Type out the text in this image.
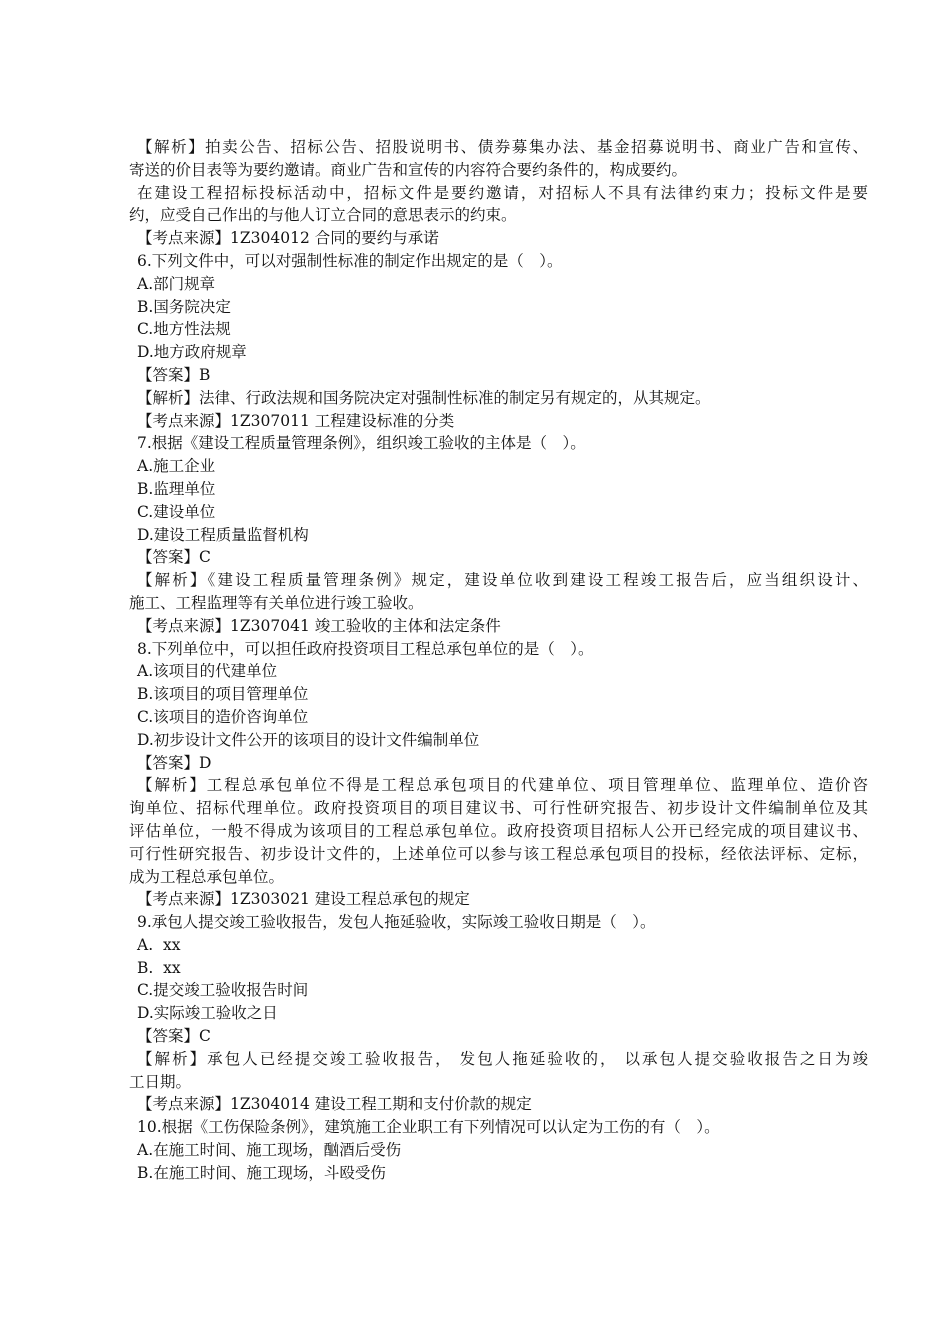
【解析】拍卖公告、招标公告、招股说明书、债券募集办法、基金招募说明书、商业广告和宣传、
寄送的价目表等为要约邀请。商业广告和宣传的内容符合要约条件的，构成要约。
在建设工程招标投标活动中，招标文件是要约邀请，对招标人不具有法律约束力；投标文件是要
约，应受自己作出的与他人订立合同的意思表示的约束。
【考点来源】1Z304012 合同的要约与承诺
6.下列文件中，可以对强制性标准的制定作出规定的是（　）。
A.部门规章
B.国务院决定
C.地方性法规
D.地方政府规章
【答案】B
【解析】法律、行政法规和国务院决定对强制性标准的制定另有规定的，从其规定。
【考点来源】1Z307011 工程建设标准的分类
7.根据《建设工程质量管理条例》，组织竣工验收的主体是（　）。
A.施工企业
B.监理单位
C.建设单位
D.建设工程质量监督机构
【答案】C
【解析】《建设工程质量管理条例》规定，建设单位收到建设工程竣工报告后，应当组织设计、
施工、工程监理等有关单位进行竣工验收。
【考点来源】1Z307041 竣工验收的主体和法定条件
8.下列单位中，可以担任政府投资项目工程总承包单位的是（　）。
A.该项目的代建单位
B.该项目的项目管理单位
C.该项目的造价咨询单位
D.初步设计文件公开的该项目的设计文件编制单位
【答案】D
【解析】工程总承包单位不得是工程总承包项目的代建单位、项目管理单位、监理单位、造价咨
询单位、招标代理单位。政府投资项目的项目建议书、可行性研究报告、初步设计文件编制单位及其
评估单位，一般不得成为该项目的工程总承包单位。政府投资项目招标人公开已经完成的项目建议书、
可行性研究报告、初步设计文件的，上述单位可以参与该工程总承包项目的投标，经依法评标、定标，
成为工程总承包单位。
【考点来源】1Z303021 建设工程总承包的规定
9.承包人提交竣工验收报告，发包人拖延验收，实际竣工验收日期是（　）。
A.  xx
B.  xx
C.提交竣工验收报告时间
D.实际竣工验收之日
【答案】C
【解析】承包人已经提交竣工验收报告， 发包人拖延验收的， 以承包人提交验收报告之日为竣
工日期。
【考点来源】1Z304014 建设工程工期和支付价款的规定
10.根据《工伤保险条例》，建筑施工企业职工有下列情况可以认定为工伤的有（　）。
A.在施工时间、施工现场，酗酒后受伤
B.在施工时间、施工现场，斗殴受伤
